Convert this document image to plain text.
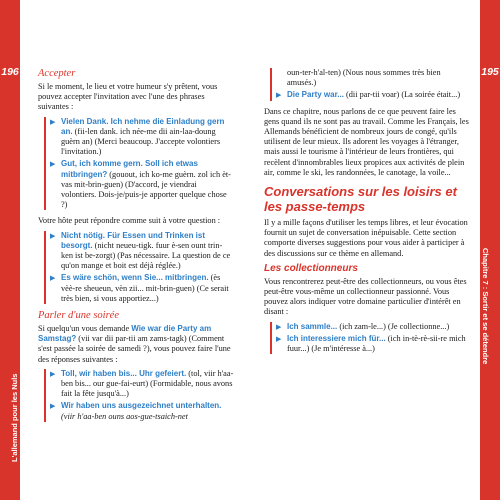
196	195
L'allemand pour les Nuls
Chapitre 7 : Sortir et se détendre
Accepter

Si le moment, le lieu et votre humeur s'y prêtent, vous pouvez accepter l'invitation avec l'une des phrases suivantes :

▶ Vielen Dank. Ich nehme die Einladung gern an. (fii-len dank. ich née-me dii ain-laa-doung guèrn an) (Merci beaucoup. J'accepte volontiers l'invitation.)
▶ Gut, ich komme gern. Soll ich etwas mitbringen? (gouout, ich ko-me guèrn. zol ich èt-vas mit-brin-guen) (D'accord, je viendrai volontiers. Dois-je/puis-je apporter quelque chose ?)

Votre hôte peut répondre comme suit à votre question :

▶ Nicht nötig. Für Essen und Trinken ist besorgt. (nicht neueu-tigk. fuur è-sen ount trin-ken ist be-zorgt) (Pas nécessaire. La question de ce qu'on mange et boit est déjà réglée.)
▶ Es wäre schön, wenn Sie... mitbringen. (ès vèè-re sheueun, vèn zii... mit-brin-guen) (Ce serait très bien, si vous apportiez...)
Parler d'une soirée

Si quelqu'un vous demande Wie war die Party am Samstag? (vii var dii par-tii am zams-tagk) (Comment s'est passée la soirée de samedi ?), vous pouvez faire l'une des réponses suivantes :

▶ Toll, wir haben bis... Uhr gefeiert. (tol, viir h'aa-ben bis... our gue-fai-eurt) (Formidable, nous avons fait la fête jusqu'à...)
▶ Wir haben uns ausgezeichnet unterhalten. (viir h'aa-ben ouns aos-gue-tsaich-net
oun-ter-h'al-ten) (Nous nous sommes très bien amusés.)
▶ Die Party war... (dii par-tii voar) (La soirée était...)

Dans ce chapitre, nous parlons de ce que peuvent faire les gens quand ils ne sont pas au travail. Comme les Français, les Allemands bénéficient de nombreux jours de congé, qu'ils utilisent de leur mieux. Ils adorent les voyages à l'étranger, mais aussi le tourisme à l'intérieur de leurs frontières, qui recèlent d'innombrables lieux propices aux activités de plein air, comme le ski, les randonnées, le canotage, la voile...

Conversations sur les loisirs et les passe-temps

Il y a mille façons d'utiliser les temps libres, et leur évocation fournit un sujet de conversation inépuisable. Cette section comporte diverses suggestions pour vous aider à participer à des discussions sur ce thème en allemand.

Les collectionneurs

Vous rencontrerez peut-être des collectionneurs, ou vous êtes peut-être vous-même un collectionneur passionné. Vous pouvez alors indiquer votre domaine particulier d'intérêt en disant :

▶ Ich sammle... (ich zam-le...) (Je collectionne...)
▶ Ich interessiere mich für... (ich in-tè-rè-sii-re mich fuur...) (Je m'intéresse à...)
